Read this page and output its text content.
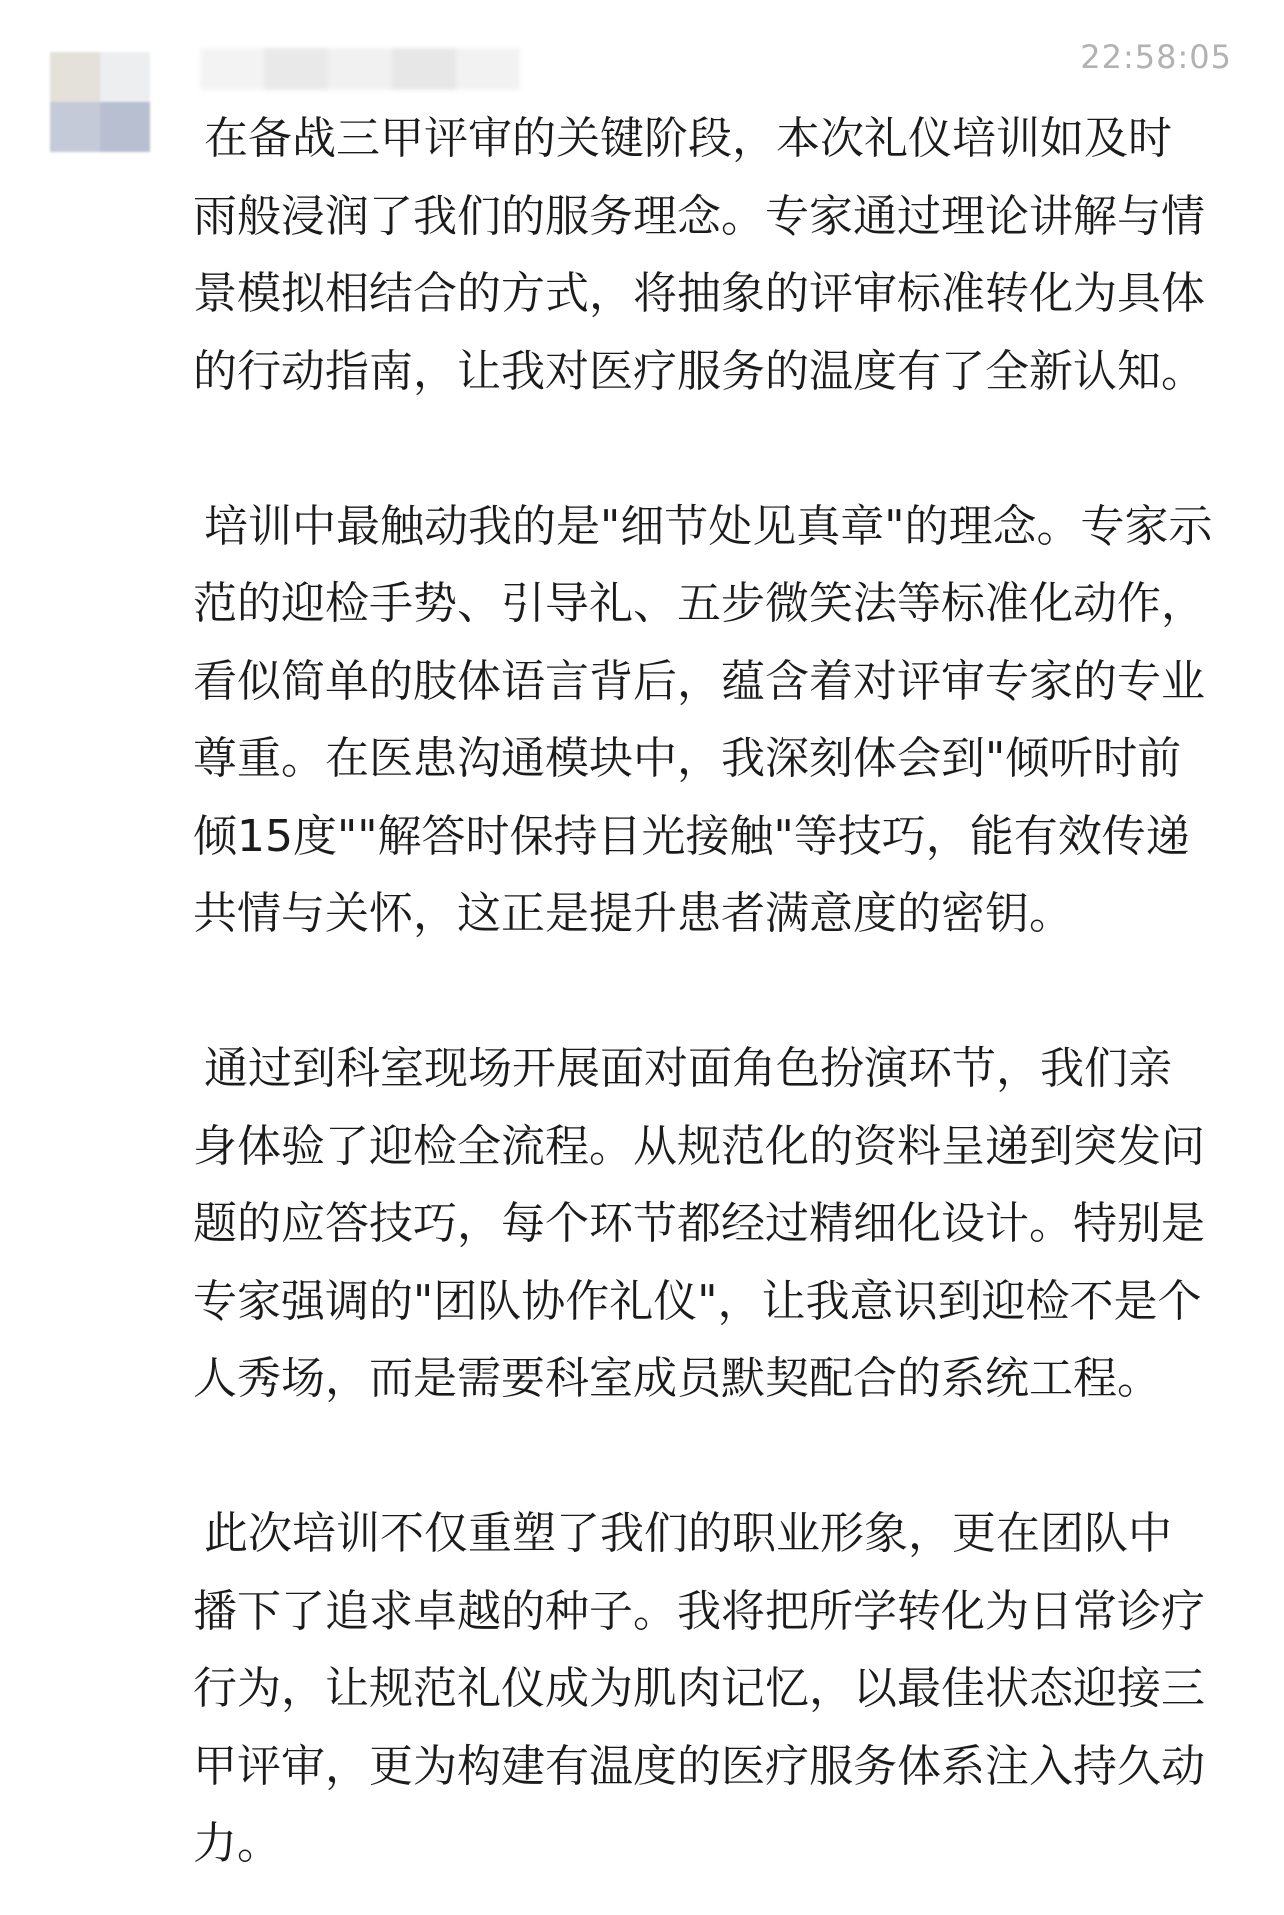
22:58:05

在备战三甲评审的关键阶段，本次礼仪培训如及时雨般浸润了我们的服务理念。专家通过理论讲解与情景模拟相结合的方式，将抽象的评审标准转化为具体的行动指南，让我对医疗服务的温度有了全新认知。

培训中最触动我的是"细节处见真章"的理念。专家示范的迎检手势、引导礼、五步微笑法等标准化动作，看似简单的肢体语言背后，蕴含着对评审专家的专业尊重。在医患沟通模块中，我深刻体会到"倾听时前倾15度""解答时保持目光接触"等技巧，能有效传递共情与关怀，这正是提升患者满意度的密钥。

通过到科室现场开展面对面角色扮演环节，我们亲身体验了迎检全流程。从规范化的资料呈递到突发问题的应答技巧，每个环节都经过精细化设计。特别是专家强调的"团队协作礼仪"，让我意识到迎检不是个人秀场，而是需要科室成员默契配合的系统工程。

此次培训不仅重塑了我们的职业形象，更在团队中播下了追求卓越的种子。我将把所学转化为日常诊疗行为，让规范礼仪成为肌肉记忆，以最佳状态迎接三甲评审，更为构建有温度的医疗服务体系注入持久动力。
